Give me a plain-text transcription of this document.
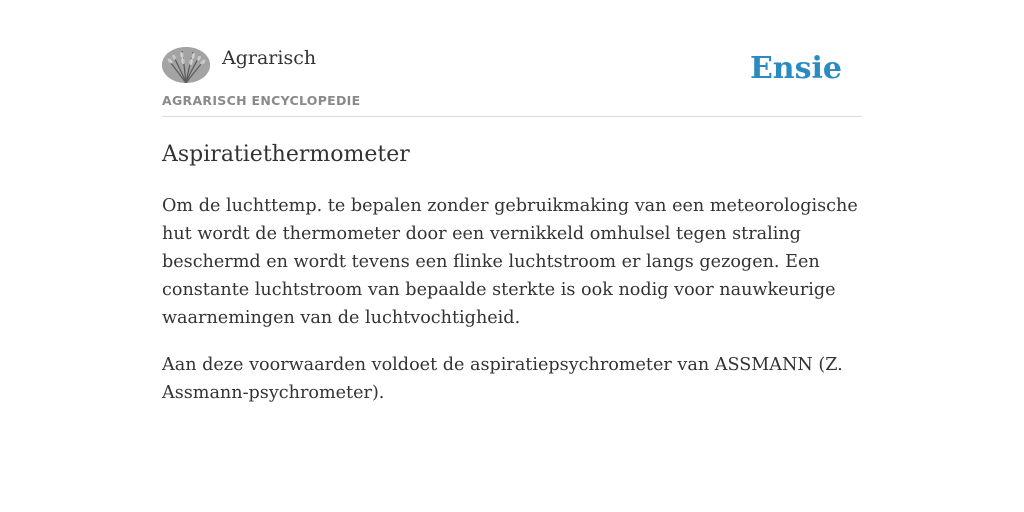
Agrarisch
AGRARISCH ENCYCLOPEDIE
Ensie
Aspiratiethermometer

Om de luchttemp. te bepalen zonder gebruikmaking van een meteorologische hut wordt de thermometer door een vernikkeld omhulsel tegen straling beschermd en wordt tevens een flinke luchtstroom er langs gezogen. Een constante luchtstroom van bepaalde sterkte is ook nodig voor nauwkeurige waarnemingen van de luchtvochtigheid.

Aan deze voorwaarden voldoet de aspiratiepsychrometer van ASSMANN (Z. Assmann-psychrometer).
